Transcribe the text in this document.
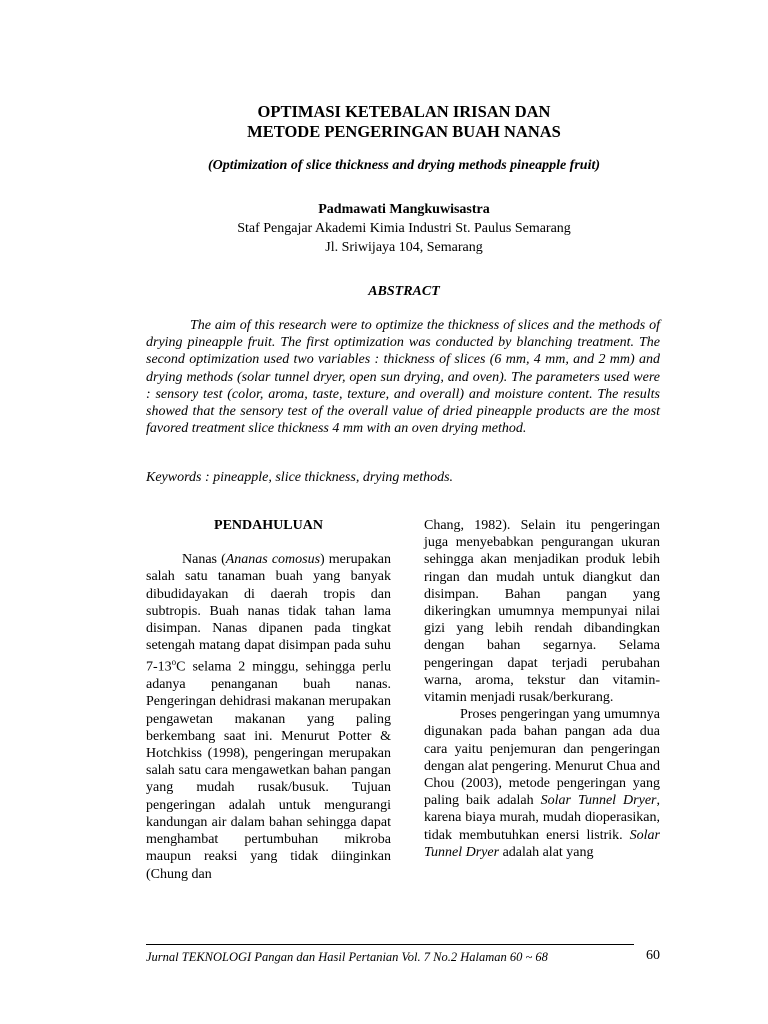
OPTIMASI KETEBALAN IRISAN DAN
METODE PENGERINGAN BUAH NANAS
(Optimization of slice thickness and drying methods pineapple fruit)
Padmawati Mangkuwisastra
Staf Pengajar Akademi Kimia Industri St. Paulus Semarang
Jl. Sriwijaya 104, Semarang
ABSTRACT

The aim of this research were to optimize the thickness of slices and the methods of drying pineapple fruit. The first optimization was conducted by blanching treatment. The second optimization used two variables : thickness of slices (6 mm, 4 mm, and 2 mm) and drying methods (solar tunnel dryer, open sun drying, and oven). The parameters used were : sensory test (color, aroma, taste, texture, and overall) and moisture content. The results showed that the sensory test of the overall value of dried pineapple products are the most favored treatment slice thickness 4 mm with an oven drying method.

Keywords : pineapple, slice thickness, drying methods.
PENDAHULUAN

Nanas (Ananas comosus) merupakan salah satu tanaman buah yang banyak dibudidayakan di daerah tropis dan subtropis. Buah nanas tidak tahan lama disimpan. Nanas dipanen pada tingkat setengah matang dapat disimpan pada suhu 7-13$^o$C selama 2 minggu, sehingga perlu adanya penanganan buah nanas. Pengeringan dehidrasi makanan merupakan pengawetan makanan yang paling berkembang saat ini. Menurut Potter & Hotchkiss (1998), pengeringan merupakan salah satu cara mengawetkan bahan pangan yang mudah rusak/busuk. Tujuan pengeringan adalah untuk mengurangi kandungan air dalam bahan sehingga dapat menghambat pertumbuhan mikroba maupun reaksi yang tidak diinginkan (Chung dan

Chang, 1982). Selain itu pengeringan juga menyebabkan pengurangan ukuran sehingga akan menjadikan produk lebih ringan dan mudah untuk diangkut dan disimpan. Bahan pangan yang dikeringkan umumnya mempunyai nilai gizi yang lebih rendah dibandingkan dengan bahan segarnya. Selama pengeringan dapat terjadi perubahan warna, aroma, tekstur dan vitamin-vitamin menjadi rusak/berkurang.

Proses pengeringan yang umumnya digunakan pada bahan pangan ada dua cara yaitu penjemuran dan pengeringan dengan alat pengering. Menurut Chua and Chou (2003), metode pengeringan yang paling baik adalah Solar Tunnel Dryer, karena biaya murah, mudah dioperasikan, tidak membutuhkan enersi listrik. Solar Tunnel Dryer adalah alat yang

Jurnal TEKNOLOGI Pangan dan Hasil Pertanian Vol. 7 No.2 Halaman 60 ~ 68	60
